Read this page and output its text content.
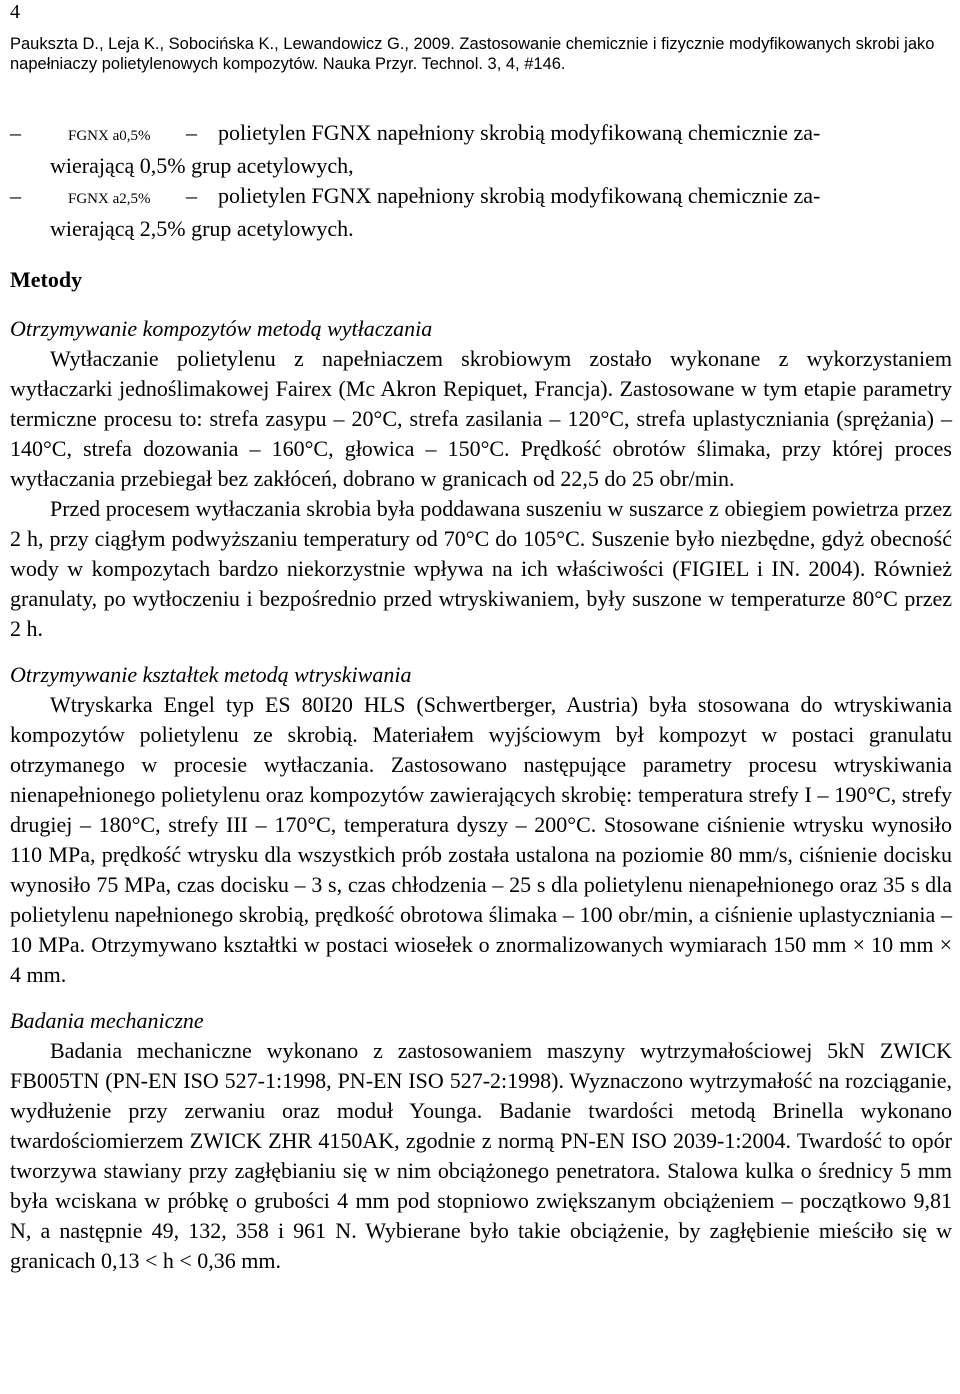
4
Pauksztа D., Leja K., Sobocińska K., Lewandowicz G., 2009. Zastosowanie chemicznie i fizycznie modyfikowanych skrobi jako napełniaczy polietylenowych kompozytów. Nauka Przyr. Technol. 3, 4, #146.

–	FGNX a0,5% – polietylen FGNX napełniony skrobią modyfikowaną chemicznie za-

wierającą 0,5% grup acetylowych,

–	FGNX a2,5% – polietylen FGNX napełniony skrobią modyfikowaną chemicznie za-

wierającą 2,5% grup acetylowych.

Metody

Otrzymywanie kompozytów metodą wytłaczania

Wytłaczanie polietylenu z napełniaczem skrobiowym zostało wykonane z wykorzystaniem wytłaczarki jednoślimakowej Fairex (Mc Akron Repiquet, Francja). Zastosowane w tym etapie parametry termiczne procesu to: strefa zasypu – 20°C, strefa zasilania – 120°C, strefa uplastyczniania (sprężania) – 140°C, strefa dozowania – 160°C, głowica – 150°C. Prędkość obrotów ślimaka, przy której proces wytłaczania przebiegał bez zakłóceń, dobrano w granicach od 22,5 do 25 obr/min.

Przed procesem wytłaczania skrobia była poddawana suszeniu w suszarce z obiegiem powietrza przez 2 h, przy ciągłym podwyższaniu temperatury od 70°C do 105°C. Suszenie było niezbędne, gdyż obecność wody w kompozytach bardzo niekorzystnie wpływa na ich właściwości (FIGIEL i IN. 2004). Również granulaty, po wytłoczeniu i bezpośrednio przed wtryskiwaniem, były suszone w temperaturze 80°C przez 2 h.

Otrzymywanie kształtek metodą wtryskiwania

Wtryskarka Engel typ ES 80I20 HLS (Schwertberger, Austria) była stosowana do wtryskiwania kompozytów polietylenu ze skrobią. Materiałem wyjściowym był kompozyt w postaci granulatu otrzymanego w procesie wytłaczania. Zastosowano następujące parametry procesu wtryskiwania nienapełnionego polietylenu oraz kompozytów zawierających skrobię: temperatura strefy I – 190°C, strefy drugiej – 180°C, strefy III – 170°C, temperatura dyszy – 200°C. Stosowane ciśnienie wtrysku wynosiło 110 MPa, prędkość wtrysku dla wszystkich prób została ustalona na poziomie 80 mm/s, ciśnienie docisku wynosiło 75 MPa, czas docisku – 3 s, czas chłodzenia – 25 s dla polietylenu nienapełnionego oraz 35 s dla polietylenu napełnionego skrobią, prędkość obrotowa ślimaka – 100 obr/min, a ciśnienie uplastyczniania – 10 MPa. Otrzymywano kształtki w postaci wiosełek o znormalizowanych wymiarach 150 mm × 10 mm × 4 mm.

Badania mechaniczne

Badania mechaniczne wykonano z zastosowaniem maszyny wytrzymałościowej 5kN ZWICK FB005TN (PN-EN ISO 527-1:1998, PN-EN ISO 527-2:1998). Wyznaczono wytrzymałość na rozciąganie, wydłużenie przy zerwaniu oraz moduł Younga. Badanie twardości metodą Brinella wykonano twardościomierzem ZWICK ZHR 4150AK, zgodnie z normą PN-EN ISO 2039-1:2004. Twardość to opór tworzywa stawiany przy zagłębianiu się w nim obciążonego penetratora. Stalowa kulka o średnicy 5 mm była wciskana w próbkę o grubości 4 mm pod stopniowo zwiększanym obciążeniem – początkowo 9,81 N, a następnie 49, 132, 358 i 961 N. Wybierane było takie obciążenie, by zagłębienie mieściło się w granicach 0,13 < h < 0,36 mm.
